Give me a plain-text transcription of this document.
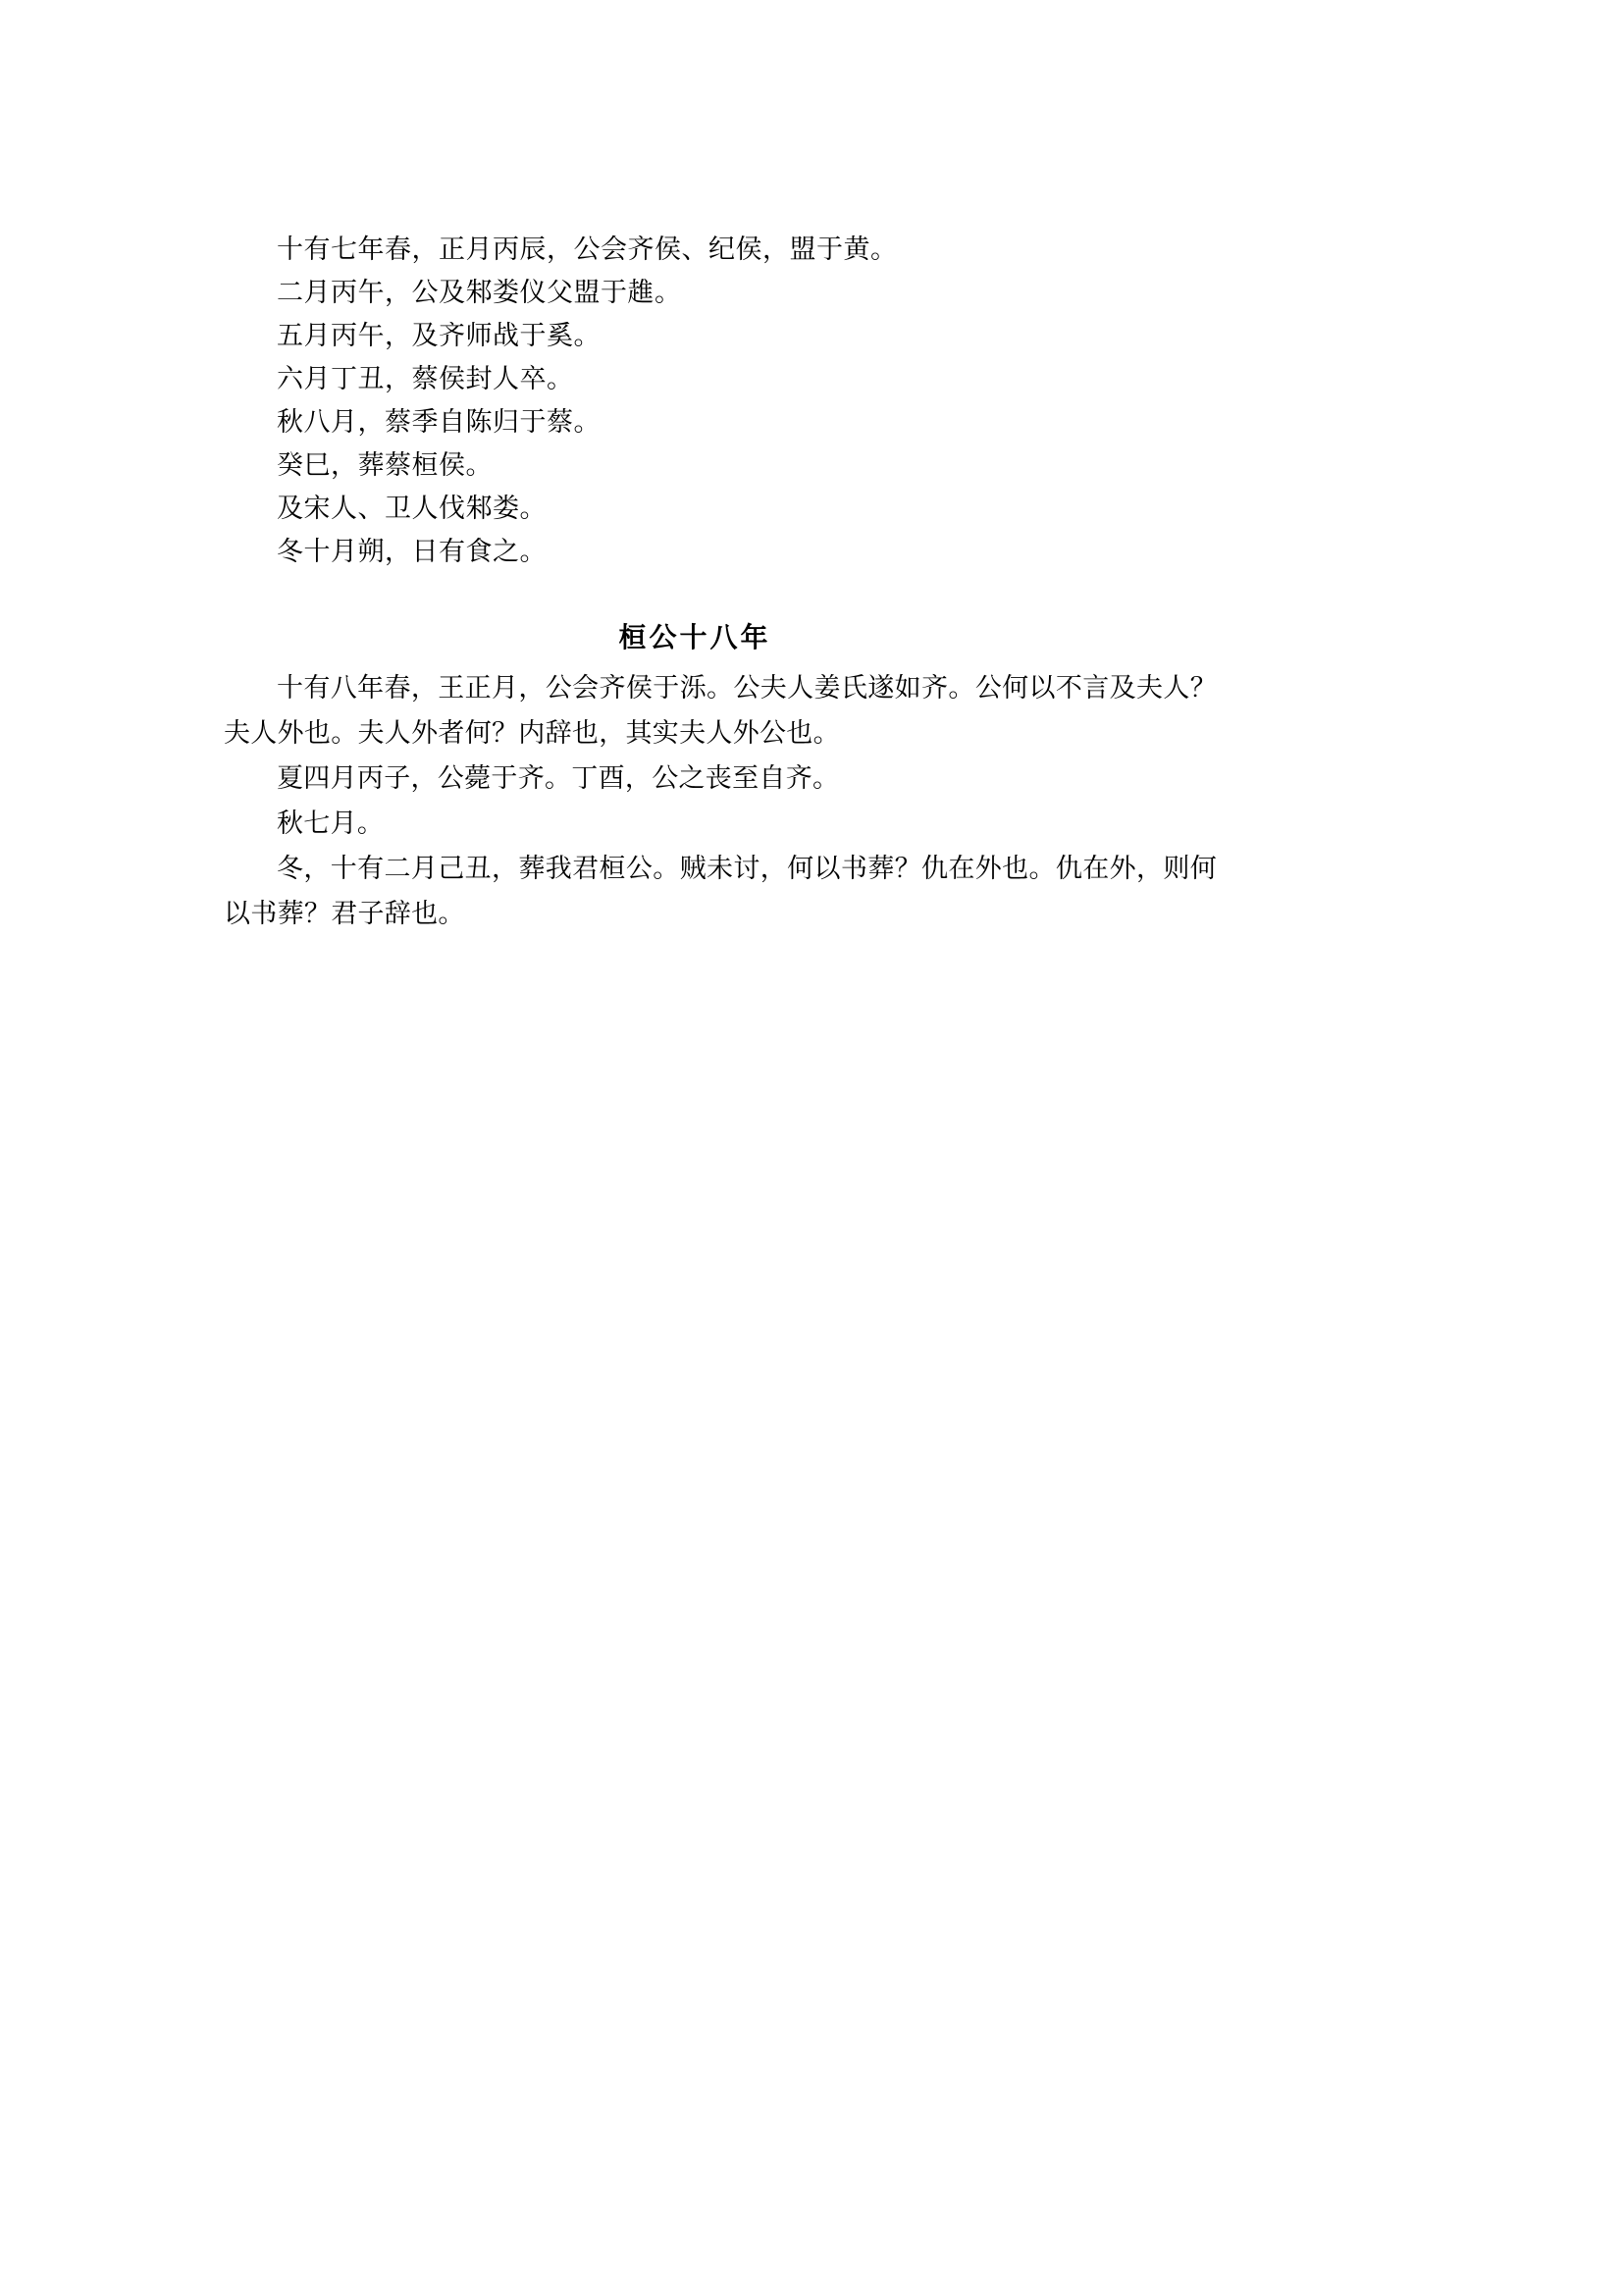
十有七年春，正月丙辰，公会齐侯、纪侯，盟于黄。
二月丙午，公及邾娄仪父盟于趡。
五月丙午，及齐师战于奚。
六月丁丑，蔡侯封人卒。
秋八月，蔡季自陈归于蔡。
癸巳，葬蔡桓侯。
及宋人、卫人伐邾娄。
冬十月朔，日有食之。
桓公十八年
十有八年春，王正月，公会齐侯于泺。公夫人姜氏遂如齐。公何以不言及夫人？夫人外也。夫人外者何？内辞也，其实夫人外公也。
夏四月丙子，公薨于齐。丁酉，公之丧至自齐。
秋七月。
冬，十有二月己丑，葬我君桓公。贼未讨，何以书葬？仇在外也。仇在外，则何以书葬？君子辞也。
